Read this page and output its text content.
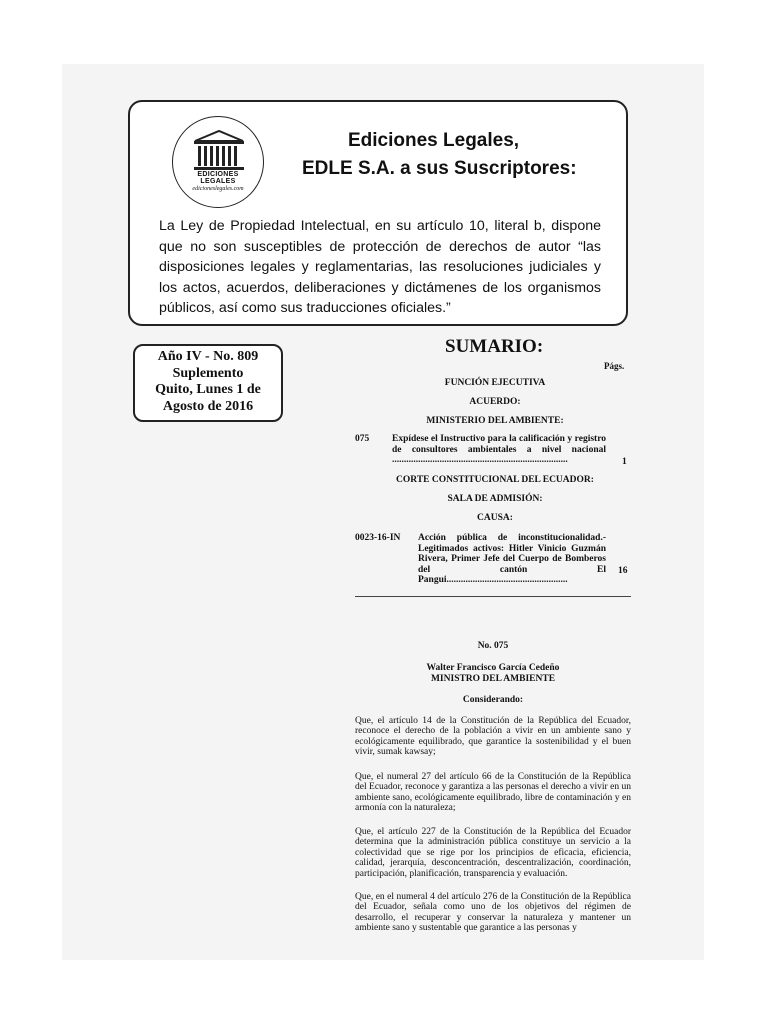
EDICIONES
LEGALES
edicioneslegales.com
Ediciones Legales,
EDLE S.A. a sus Suscriptores:
La Ley de Propiedad Intelectual, en su artículo 10, literal b, dispone que no son susceptibles de protección de derechos de autor “las disposiciones legales y reglamentarias, las resoluciones judiciales y los actos, acuerdos, deliberaciones y dictámenes de los organismos públicos, así como sus traducciones oficiales.”
Año IV - No. 809
Suplemento
Quito, Lunes 1 de
Agosto de 2016
SUMARIO:
Págs.
FUNCIÓN EJECUTIVA
ACUERDO:
MINISTERIO DEL AMBIENTE:
075 Expídese el Instructivo para la calificación y registro de consultores ambientales a nivel nacional ..........................................................................	1
CORTE CONSTITUCIONAL DEL ECUADOR:
SALA DE ADMISIÓN:
CAUSA:
0023-16-IN Acción pública de inconstitucionalidad.- Legitimados activos: Hitler Vinicio Guzmán Rivera, Primer Jefe del Cuerpo de Bomberos del cantón El Pangui...................................................
16
No. 075
Walter Francisco García Cedeño
MINISTRO DEL AMBIENTE
Considerando:
Que, el artículo 14 de la Constitución de la República del Ecuador, reconoce el derecho de la población a vivir en un ambiente sano y ecológicamente equilibrado, que garantice la sostenibilidad y el buen vivir, sumak kawsay;
Que, el numeral 27 del artículo 66 de la Constitución de la República del Ecuador, reconoce y garantiza a las personas el derecho a vivir en un ambiente sano, ecológicamente equilibrado, libre de contaminación y en armonía con la naturaleza;
Que, el artículo 227 de la Constitución de la República del Ecuador determina que la administración pública constituye un servicio a la colectividad que se rige por los principios de eficacia, eficiencia, calidad, jerarquía, desconcentración, descentralización, coordinación, participación, planificación, transparencia y evaluación.
Que, en el numeral 4 del artículo 276 de la Constitución de la República del Ecuador, señala como uno de los objetivos del régimen de desarrollo, el recuperar y conservar la naturaleza y mantener un ambiente sano y sustentable que garantice a las personas y
